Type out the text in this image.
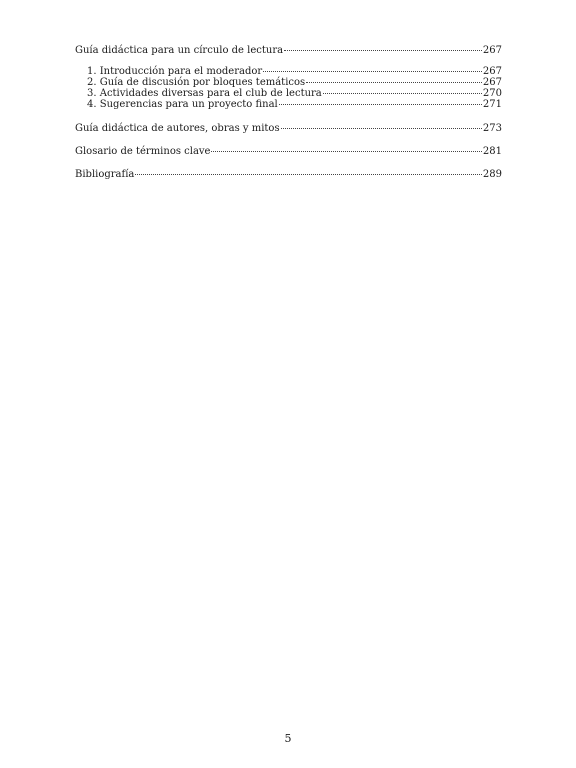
Guía didáctica para un círculo de lectura	267
1. Introducción para el moderador	267
2. Guía de discusión por bloques temáticos	267
3. Actividades diversas para el club de lectura	270
4. Sugerencias para un proyecto final	271
Guía didáctica de autores, obras y mitos	273
Glosario de términos clave	281
Bibliografía	289
5
